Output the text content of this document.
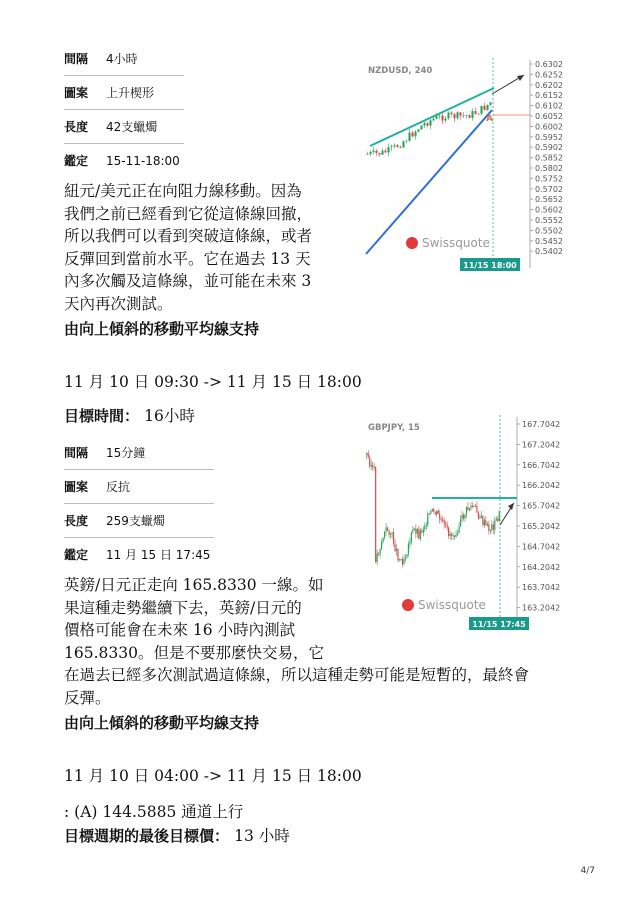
間隔	4小時
圖案	上升楔形
長度	42支蠟燭
鑑定	15-11-18:00
NZDUSD, 240
0.6302
0.6252
0.6202
0.6152
0.6102
0.6052
0.6002
0.5952
0.5902
0.5852
0.5802
0.5752
0.5702
0.5652
0.5602
0.5552
0.5502
0.5452
0.5402
A
Swissquote
11/15 18:00
紐元/美元正在向阻力線移動。因為
我們之前已經看到它從這條線回撤，
所以我們可以看到突破這條線，或者
反彈回到當前水平。它在過去 13 天
內多次觸及這條線，並可能在未來 3
天內再次測試。
由向上傾斜的移動平均線支持
11 月 10 日 09:30 -> 11 月 15 日 18:00
目標時間： 16小時
間隔	15分鐘
圖案	反抗
長度	259支蠟燭
鑑定	11 月 15 日 17:45
GBPJPY, 15	167.7042
167.2042
166.7042
166.2042
165.7042
165.2042
164.7042
164.2042
163.7042
163.2042
Swissquote
11/15 17:45
英鎊/日元正走向 165.8330 一線。如
果這種走勢繼續下去，英鎊/日元的
價格可能會在未來 16 小時內測試
165.8330。但是不要那麼快交易，它
在過去已經多次測試過這條線，所以這種走勢可能是短暫的，最終會
反彈。
由向上傾斜的移動平均線支持
11 月 10 日 04:00 -> 11 月 15 日 18:00
: (A) 144.5885 通道上行
目標週期的最後目標價： 13 小時
4/7
